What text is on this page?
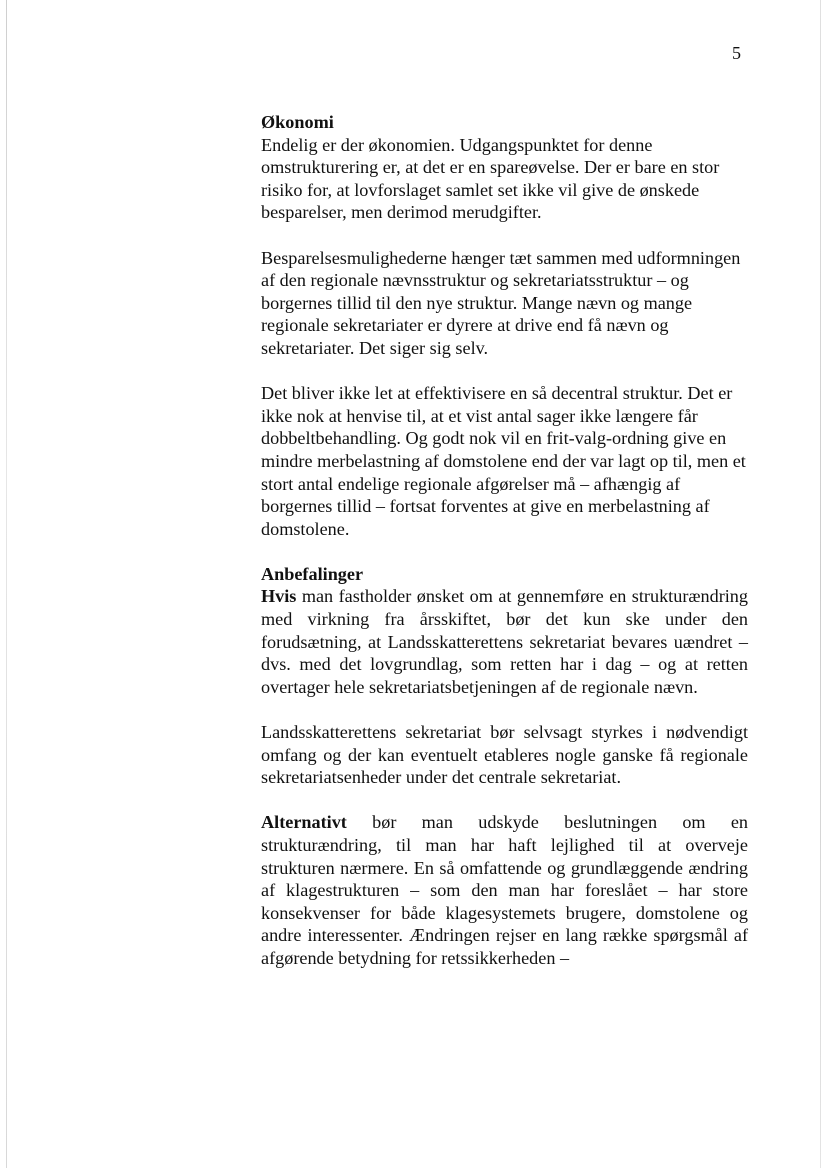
5

Økonomi

Endelig er der økonomien. Udgangspunktet for denne omstrukturering er, at det er en spareøvelse. Der er bare en stor risiko for, at lovforslaget samlet set ikke vil give de ønskede besparelser, men derimod merudgifter.

Besparelsesmulighederne hænger tæt sammen med udformningen af den regionale nævnsstruktur og sekretariatsstruktur – og borgernes tillid til den nye struktur. Mange nævn og mange regionale sekretariater er dyrere at drive end få nævn og sekretariater. Det siger sig selv.

Det bliver ikke let at effektivisere en så decentral struktur. Det er ikke nok at henvise til, at et vist antal sager ikke længere får dobbeltbehandling. Og godt nok vil en frit-valg-ordning give en mindre merbelastning af domstolene end der var lagt op til, men et stort antal endelige regionale afgørelser må – afhængig af borgernes tillid – fortsat forventes at give en merbelastning af domstolene.

Anbefalinger

Hvis man fastholder ønsket om at gennemføre en strukturændring med virkning fra årsskiftet, bør det kun ske under den forudsætning, at Landsskatterettens sekretariat bevares uændret – dvs. med det lovgrundlag, som retten har i dag – og at retten overtager hele sekretariatsbetjeningen af de regionale nævn.

Landsskatterettens sekretariat bør selvsagt styrkes i nødvendigt omfang og der kan eventuelt etableres nogle ganske få regionale sekretariatsenheder under det centrale sekretariat.

Alternativt bør man udskyde beslutningen om en strukturændring, til man har haft lejlighed til at overveje strukturen nærmere. En så omfattende og grundlæggende ændring af klagestrukturen – som den man har foreslået – har store konsekvenser for både klagesystemets brugere, domstolene og andre interessenter. Ændringen rejser en lang række spørgsmål af afgørende betydning for retssikkerheden –
